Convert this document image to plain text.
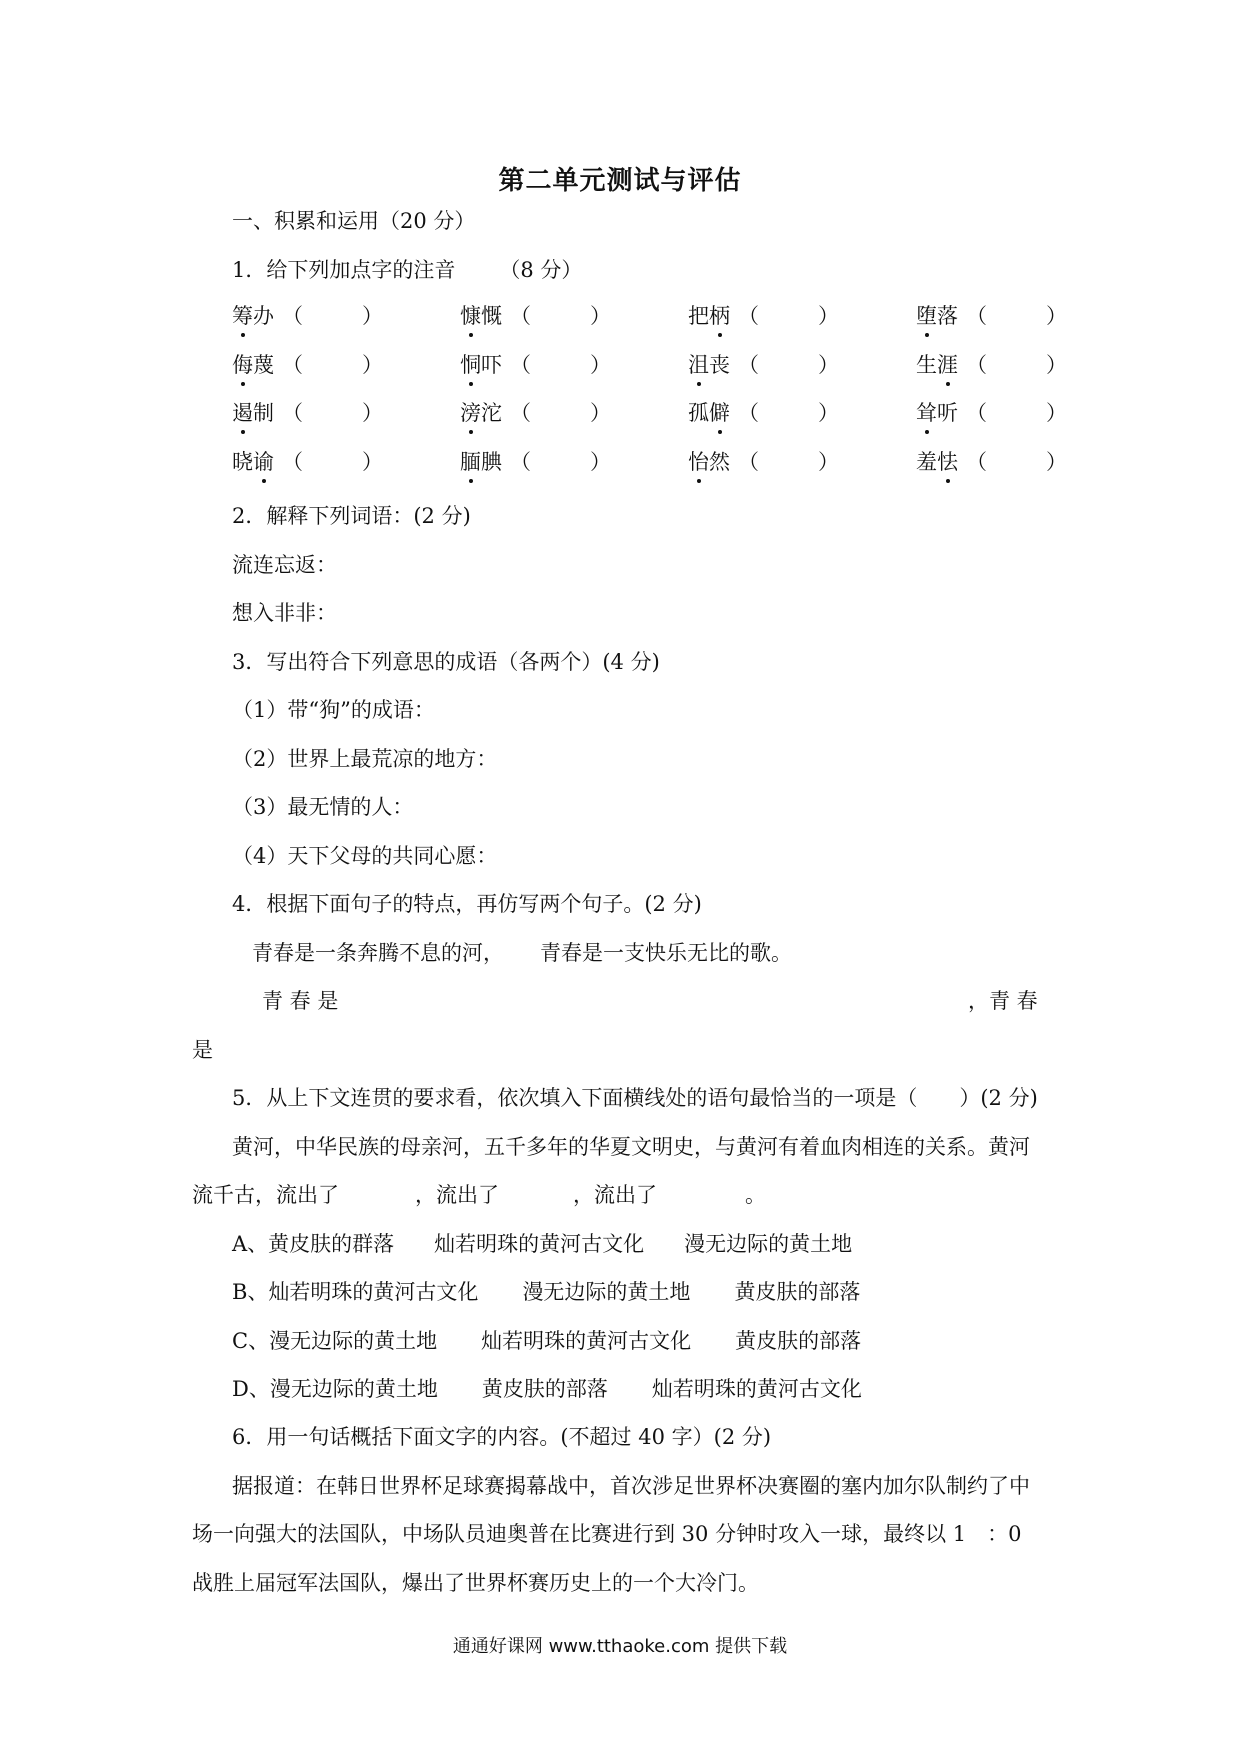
第二单元测试与评估
一、积累和运用（20 分）
1．给下列加点字的注音 （8 分）
筹办 （	）	慷慨 （	）	把柄 （	）	堕落 （	）
侮蔑 （	）	恫吓 （	）	沮丧 （	）	生涯 （	）
遏制 （	）	滂沱 （	）	孤僻 （	）	耸听 （	）
晓谕 （	）	腼腆 （	）	怡然 （	）	羞怯 （	）
2．解释下列词语：(2 分)
流连忘返：
想入非非：
3．写出符合下列意思的成语（各两个）(4 分)
（1）带“狗”的成语：
（2）世界上最荒凉的地方：
（3）最无情的人：
（4）天下父母的共同心愿：
4．根据下面句子的特点，再仿写两个句子。(2 分)
青春是一条奔腾不息的河， 青春是一支快乐无比的歌。
青 春 是	，青 春
是
5．从上下文连贯的要求看，依次填入下面横线处的语句最恰当的一项是（　　）(2 分)
黄河，中华民族的母亲河，五千多年的华夏文明史，与黄河有着血肉相连的关系。黄河
流千古，流出了	，流出了	，流出了	。
A、黄皮肤的群落 灿若明珠的黄河古文化 漫无边际的黄土地
B、灿若明珠的黄河古文化 漫无边际的黄土地 黄皮肤的部落
C、漫无边际的黄土地 灿若明珠的黄河古文化 黄皮肤的部落
D、漫无边际的黄土地 黄皮肤的部落 灿若明珠的黄河古文化
6．用一句话概括下面文字的内容。(不超过 40 字）(2 分)
据报道：在韩日世界杯足球赛揭幕战中，首次涉足世界杯决赛圈的塞内加尔队制约了中
场一向强大的法国队，中场队员迪奥普在比赛进行到 30 分钟时攻入一球，最终以 1　：0
战胜上届冠军法国队，爆出了世界杯赛历史上的一个大冷门。
通通好课网 www.tthaoke.com 提供下载
